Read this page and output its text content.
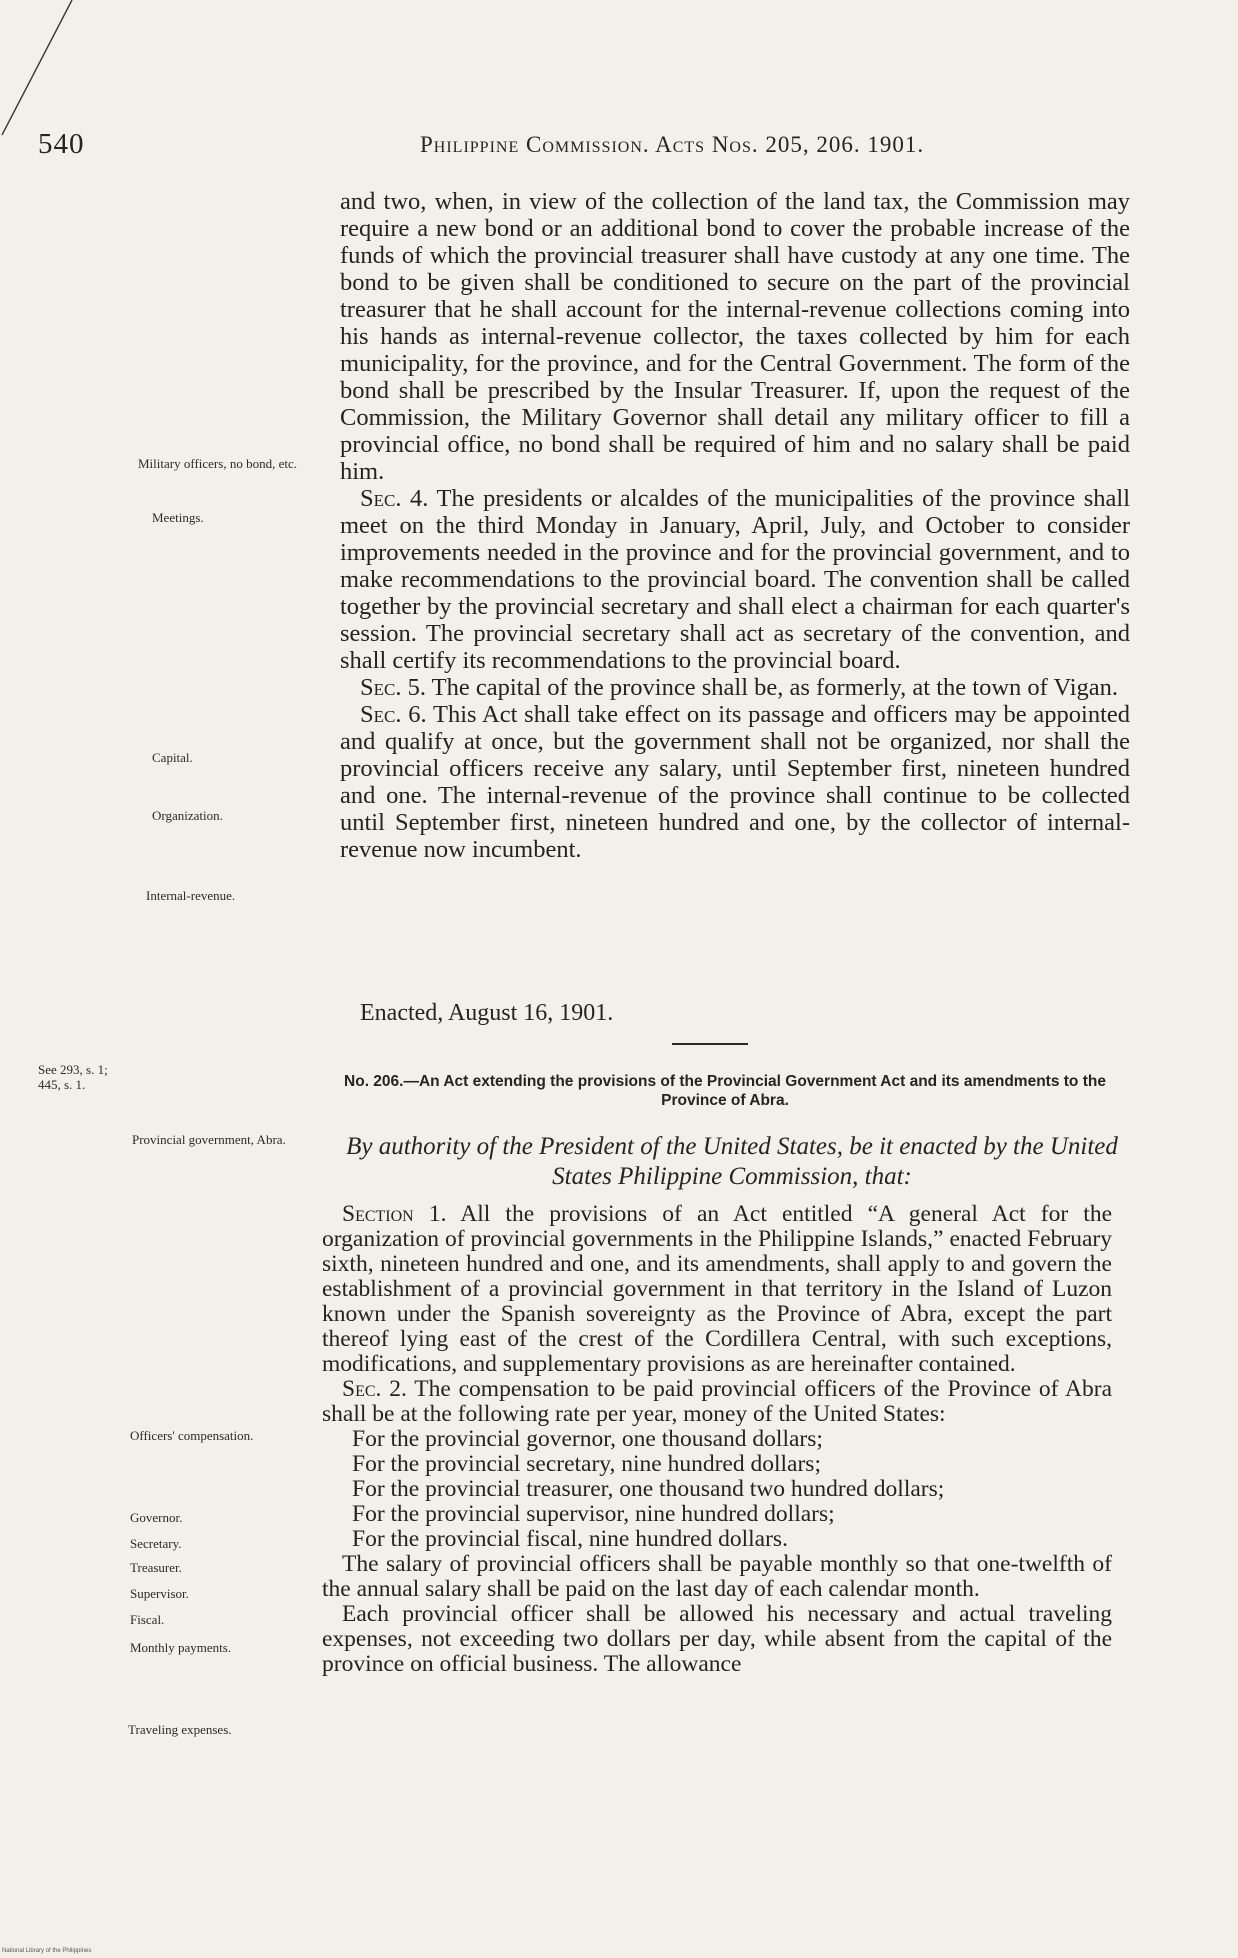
540	Philippine Commission. Acts Nos. 205, 206. 1901.
Military officers, no bond, etc.
Meetings.
Capital.
Organization.
Internal-revenue.
See 293, s. 1; 445, s. 1.
Provincial government, Abra.
Officers' compensation.
Governor.
Secretary.
Treasurer.
Supervisor.
Fiscal.
Monthly payments.
Traveling expenses.

and two, when, in view of the collection of the land tax, the Commission may require a new bond or an additional bond to cover the probable increase of the funds of which the provincial treasurer shall have custody at any one time. The bond to be given shall be conditioned to secure on the part of the provincial treasurer that he shall account for the internal-revenue collections coming into his hands as internal-revenue collector, the taxes collected by him for each municipality, for the province, and for the Central Government. The form of the bond shall be prescribed by the Insular Treasurer. If, upon the request of the Commission, the Military Governor shall detail any military officer to fill a provincial office, no bond shall be required of him and no salary shall be paid him.

Sec. 4. The presidents or alcaldes of the municipalities of the province shall meet on the third Monday in January, April, July, and October to consider improvements needed in the province and for the provincial government, and to make recommendations to the provincial board. The convention shall be called together by the provincial secretary and shall elect a chairman for each quarter's session. The provincial secretary shall act as secretary of the convention, and shall certify its recommendations to the provincial board.

Sec. 5. The capital of the province shall be, as formerly, at the town of Vigan.

Sec. 6. This Act shall take effect on its passage and officers may be appointed and qualify at once, but the government shall not be organized, nor shall the provincial officers receive any salary, until September first, nineteen hundred and one. The internal-revenue of the province shall continue to be collected until September first, nineteen hundred and one, by the collector of internal-revenue now incumbent.

Enacted, August 16, 1901.
No. 206.—An Act extending the provisions of the Provincial Government Act and its amendments to the Province of Abra.
By authority of the President of the United States, be it enacted by the United States Philippine Commission, that:

Section 1. All the provisions of an Act entitled “A general Act for the organization of provincial governments in the Philippine Islands,” enacted February sixth, nineteen hundred and one, and its amendments, shall apply to and govern the establishment of a provincial government in that territory in the Island of Luzon known under the Spanish sovereignty as the Province of Abra, except the part thereof lying east of the crest of the Cordillera Central, with such exceptions, modifications, and supplementary provisions as are hereinafter contained.

Sec. 2. The compensation to be paid provincial officers of the Province of Abra shall be at the following rate per year, money of the United States:

For the provincial governor, one thousand dollars;

For the provincial secretary, nine hundred dollars;

For the provincial treasurer, one thousand two hundred dollars;

For the provincial supervisor, nine hundred dollars;

For the provincial fiscal, nine hundred dollars.

The salary of provincial officers shall be payable monthly so that one-twelfth of the annual salary shall be paid on the last day of each calendar month.

Each provincial officer shall be allowed his necessary and actual traveling expenses, not exceeding two dollars per day, while absent from the capital of the province on official business. The allowance

National Library of the Philippines
